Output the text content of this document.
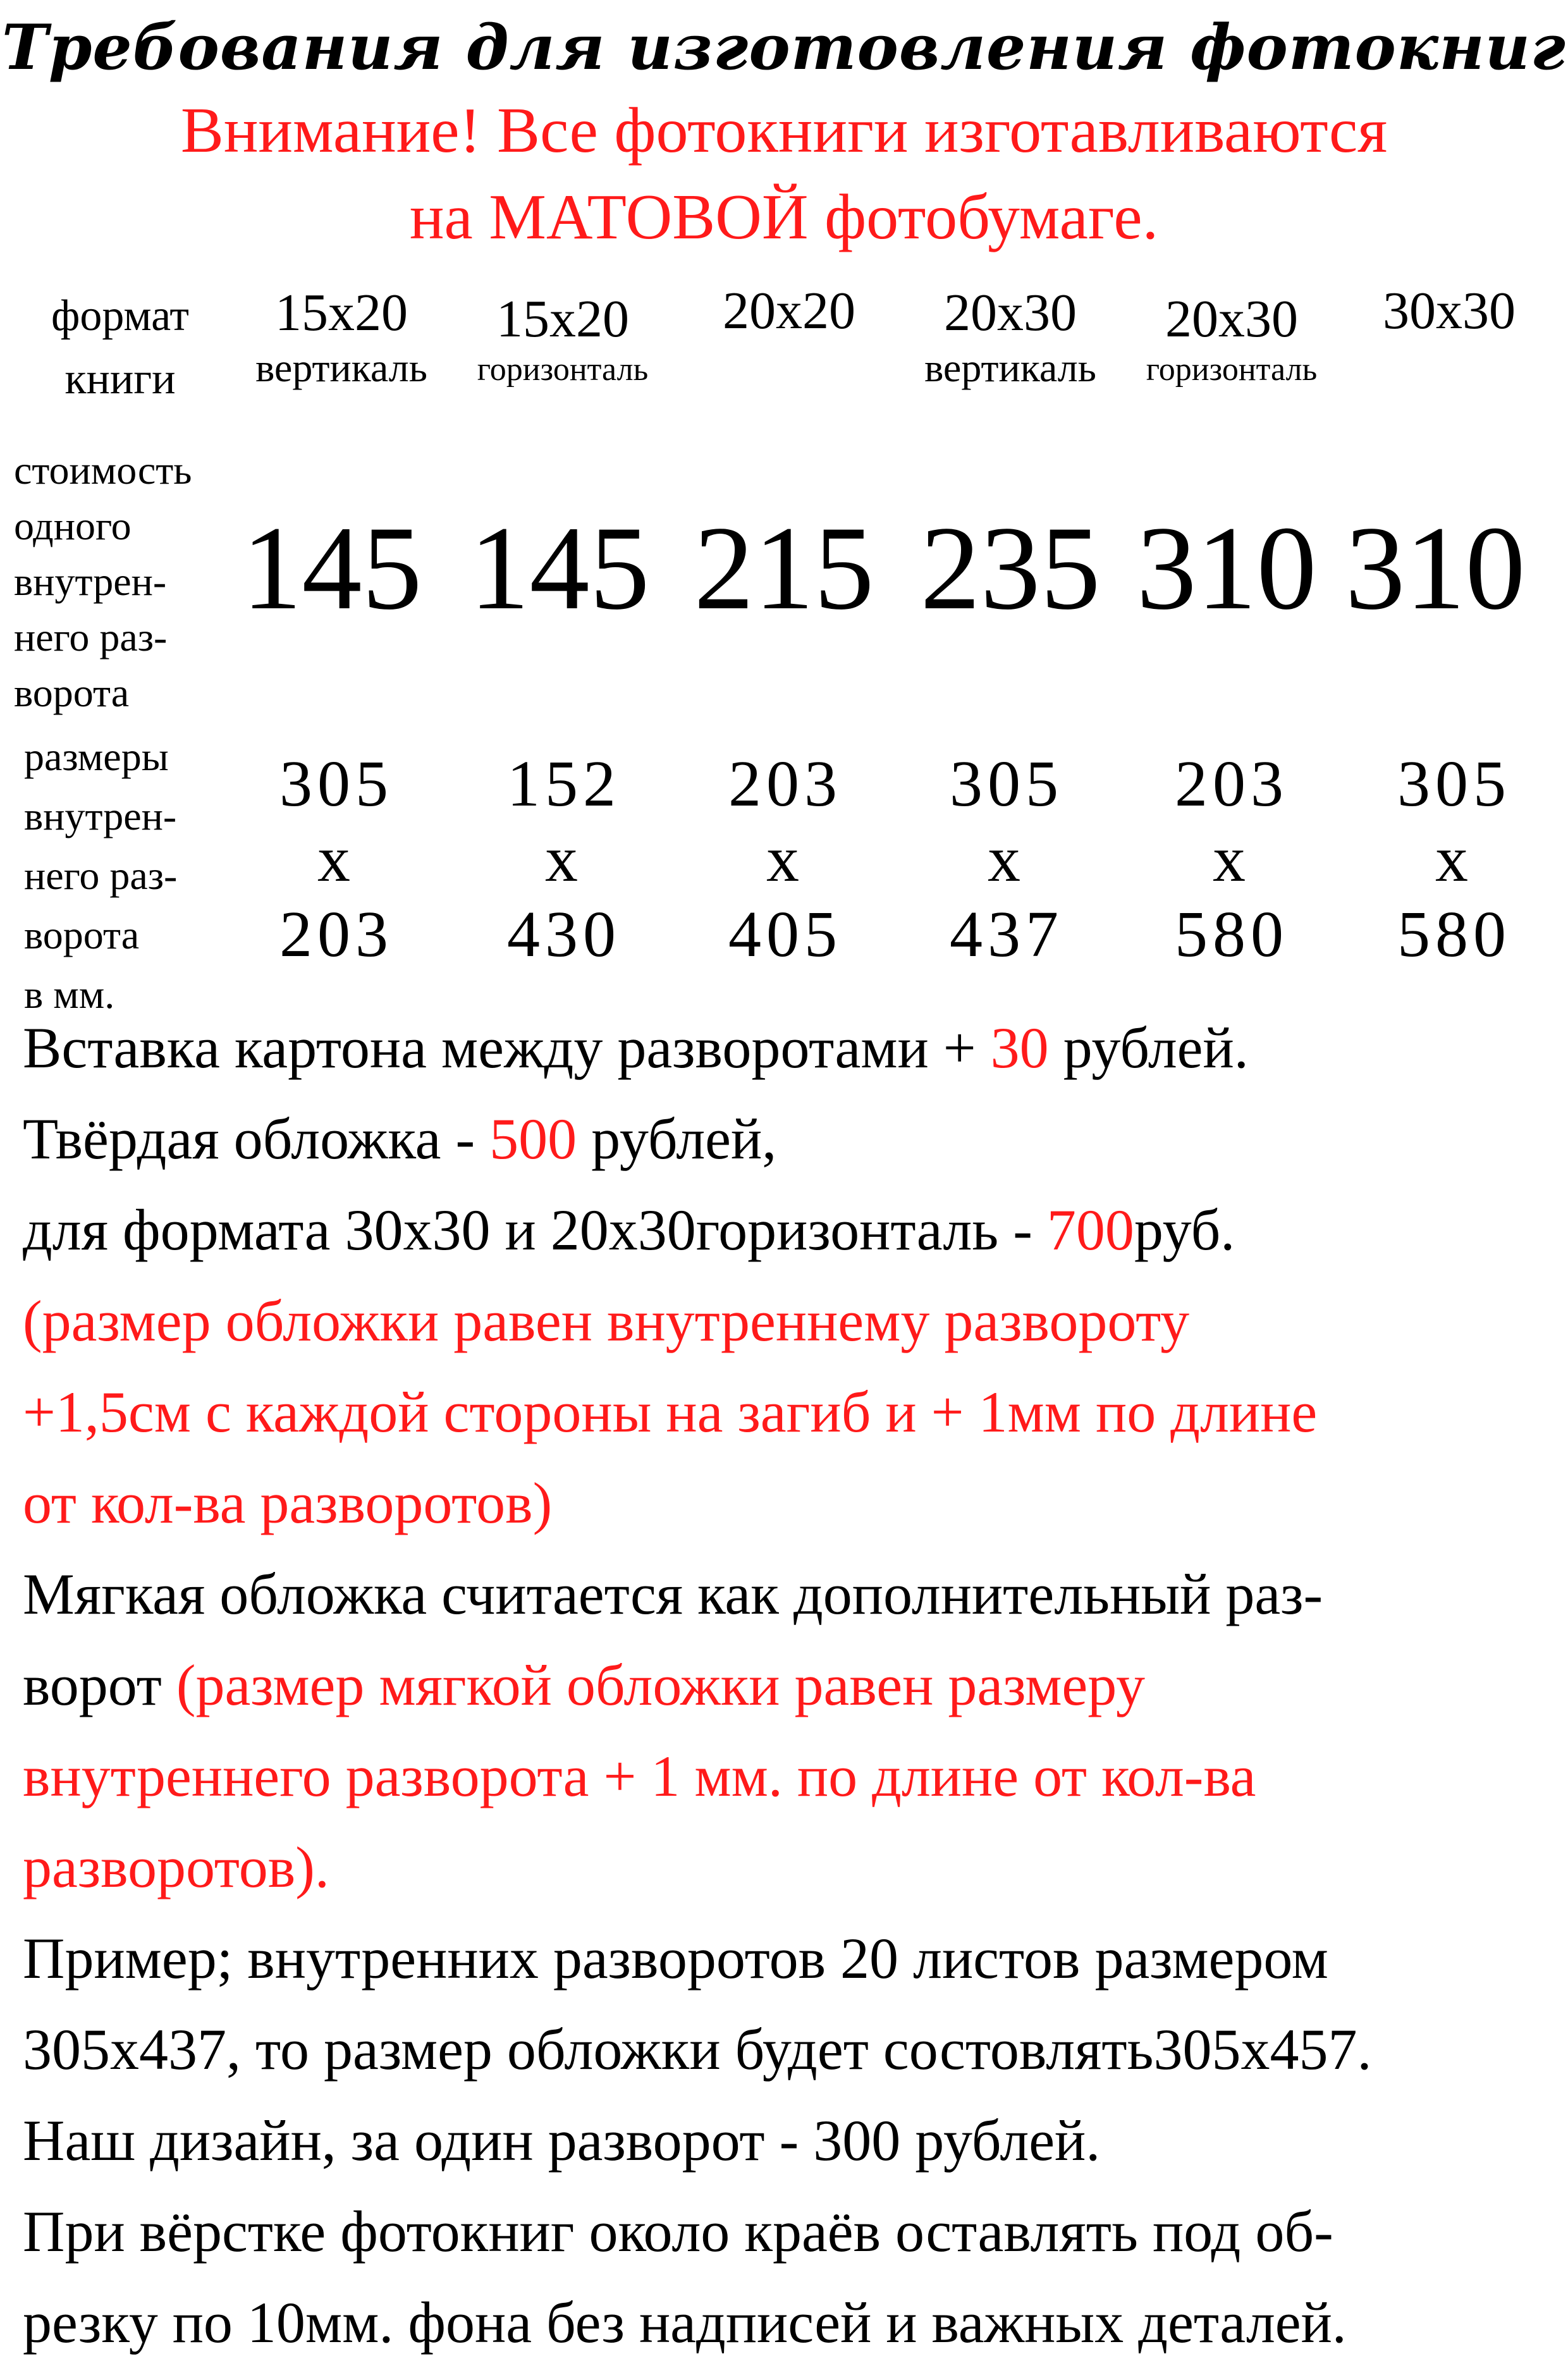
Требования для изготовления фотокниг
Внимание! Все фотокниги изготавливаются
на МАТОВОЙ фотобумаге.
формат
книги
15x20
вертикаль
15x20
горизонталь
20x20	20x30
вертикаль
20x30
горизонталь
30x30
стоимость
одного
внутрен-
него раз-
ворота
145 145 215 235 310 310
размеры
внутрен-
него раз-
ворота
в мм.
305
x
203
152
x
430
203
x
405
305
x
437
203
x
580
305
x
580
Вставка картона между разворотами + 30 рублей.
Твёрдая обложка - 500 рублей,
для формата 30x30 и 20x30горизонталь - 700руб.
(размер обложки равен внутреннему развороту
+1,5см с каждой стороны на загиб и + 1мм по длине
от кол-ва разворотов)
Мягкая обложка считается как дополнительный раз-
ворот (размер мягкой обложки равен размеру
внутреннего разворота + 1 мм. по длине от кол-ва
разворотов).
Пример; внутренних разворотов 20 листов размером
305x437, то размер обложки будет состовлять305x457.
Наш дизайн, за один разворот - 300 рублей.
При вёрстке фотокниг около краёв оставлять под об-
резку по 10мм. фона без надписей и важных деталей.
